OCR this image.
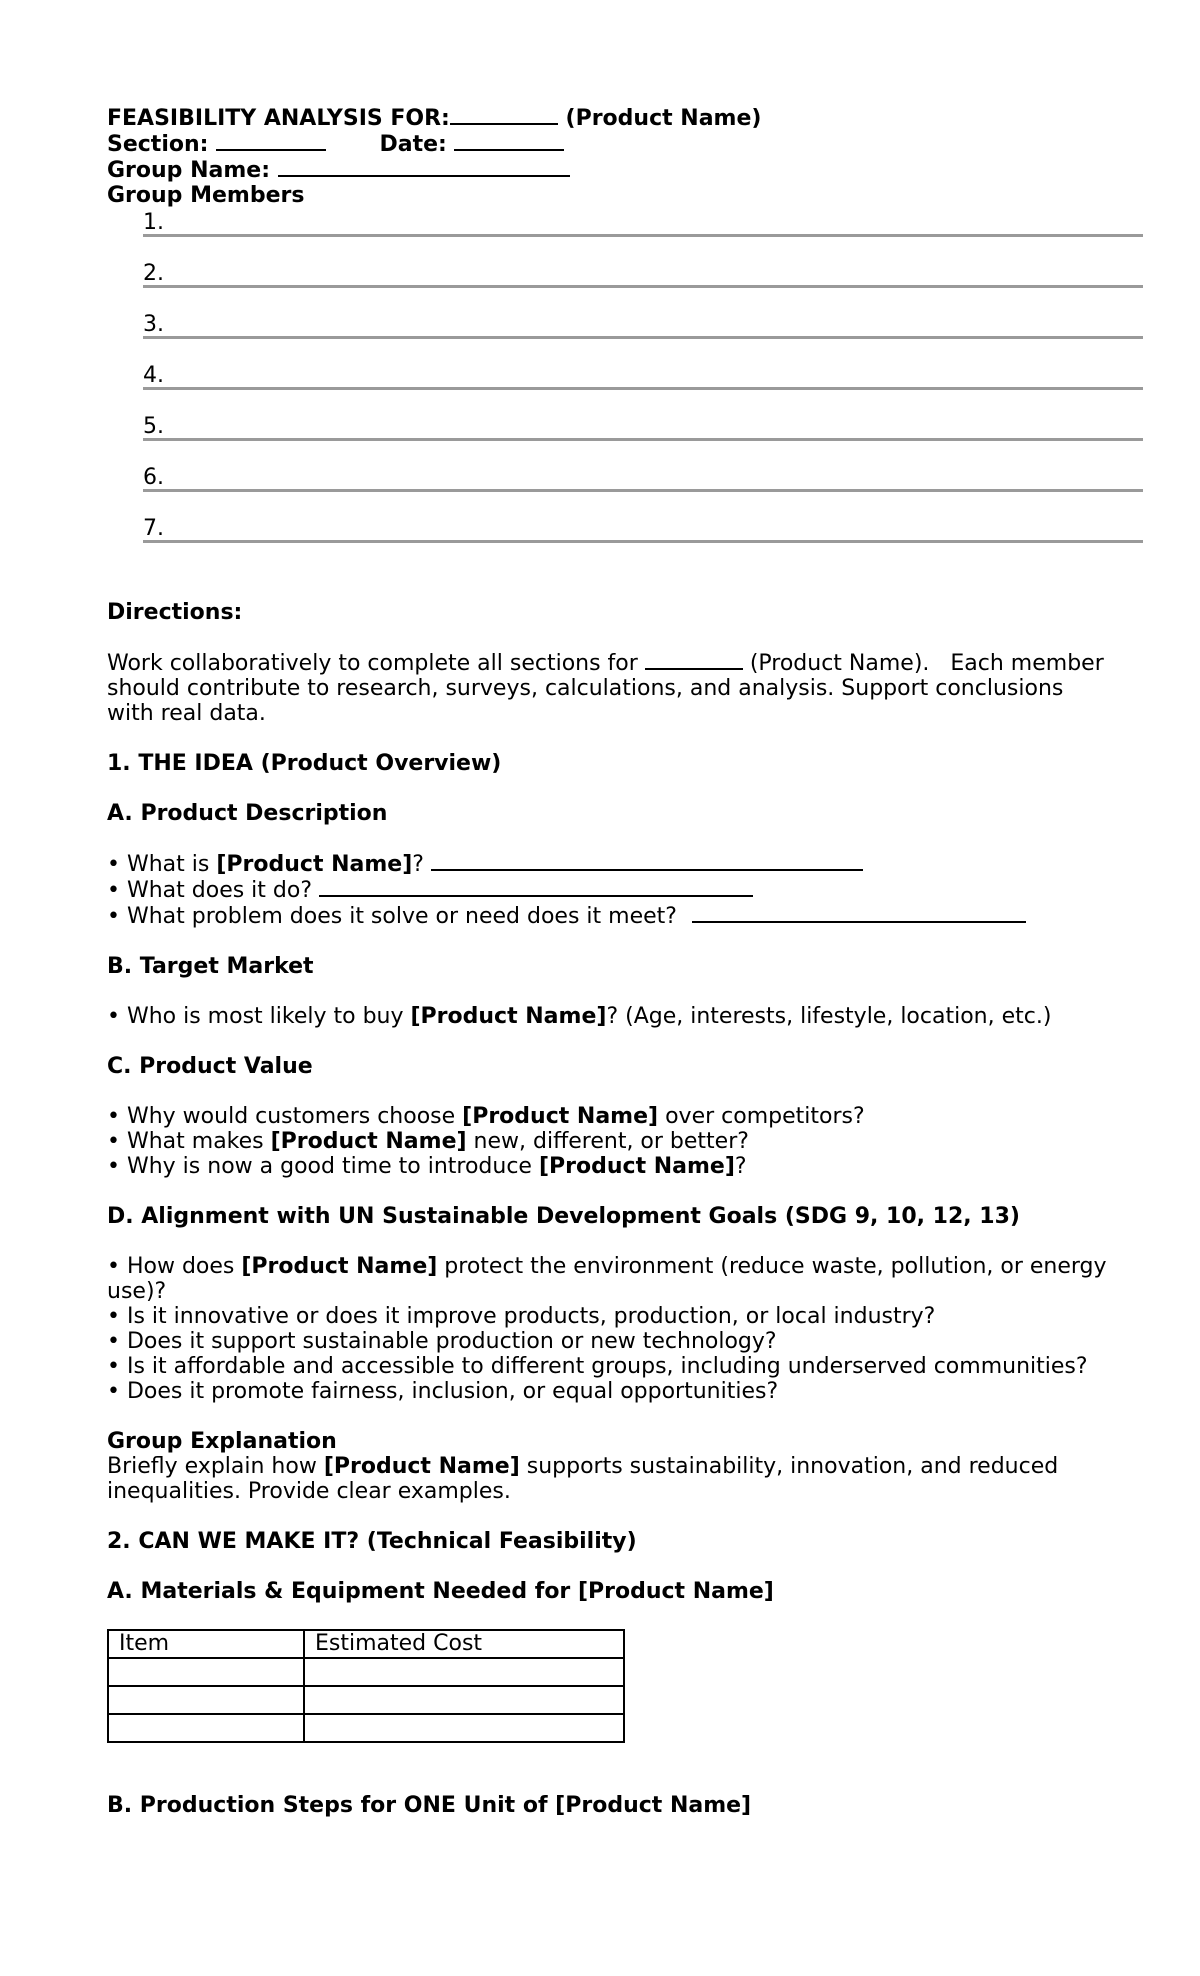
FEASIBILITY ANALYSIS FOR:	(Product Name)
Section:	Date:
Group Name:
Group Members
1.
2.
3.
4.
5.
6.
7.
Directions:
Work collaboratively to complete all sections for	(Product Name).   Each member should contribute to research, surveys, calculations, and analysis. Support conclusions with real data.
1. THE IDEA (Product Overview)
A. Product Description
• What is [Product Name]?
• What does it do?
• What problem does it solve or need does it meet?
B. Target Market
• Who is most likely to buy [Product Name]? (Age, interests, lifestyle, location, etc.)
C. Product Value
• Why would customers choose [Product Name] over competitors?
• What makes [Product Name] new, different, or better?
• Why is now a good time to introduce [Product Name]?
D. Alignment with UN Sustainable Development Goals (SDG 9, 10, 12, 13)
• How does [Product Name] protect the environment (reduce waste, pollution, or energy use)?
• Is it innovative or does it improve products, production, or local industry?
• Does it support sustainable production or new technology?
• Is it affordable and accessible to different groups, including underserved communities?
• Does it promote fairness, inclusion, or equal opportunities?
Group Explanation
Briefly explain how [Product Name] supports sustainability, innovation, and reduced inequalities. Provide clear examples.
2. CAN WE MAKE IT? (Technical Feasibility)
A. Materials & Equipment Needed for [Product Name]
Item	Estimated Cost

B. Production Steps for ONE Unit of [Product Name]
